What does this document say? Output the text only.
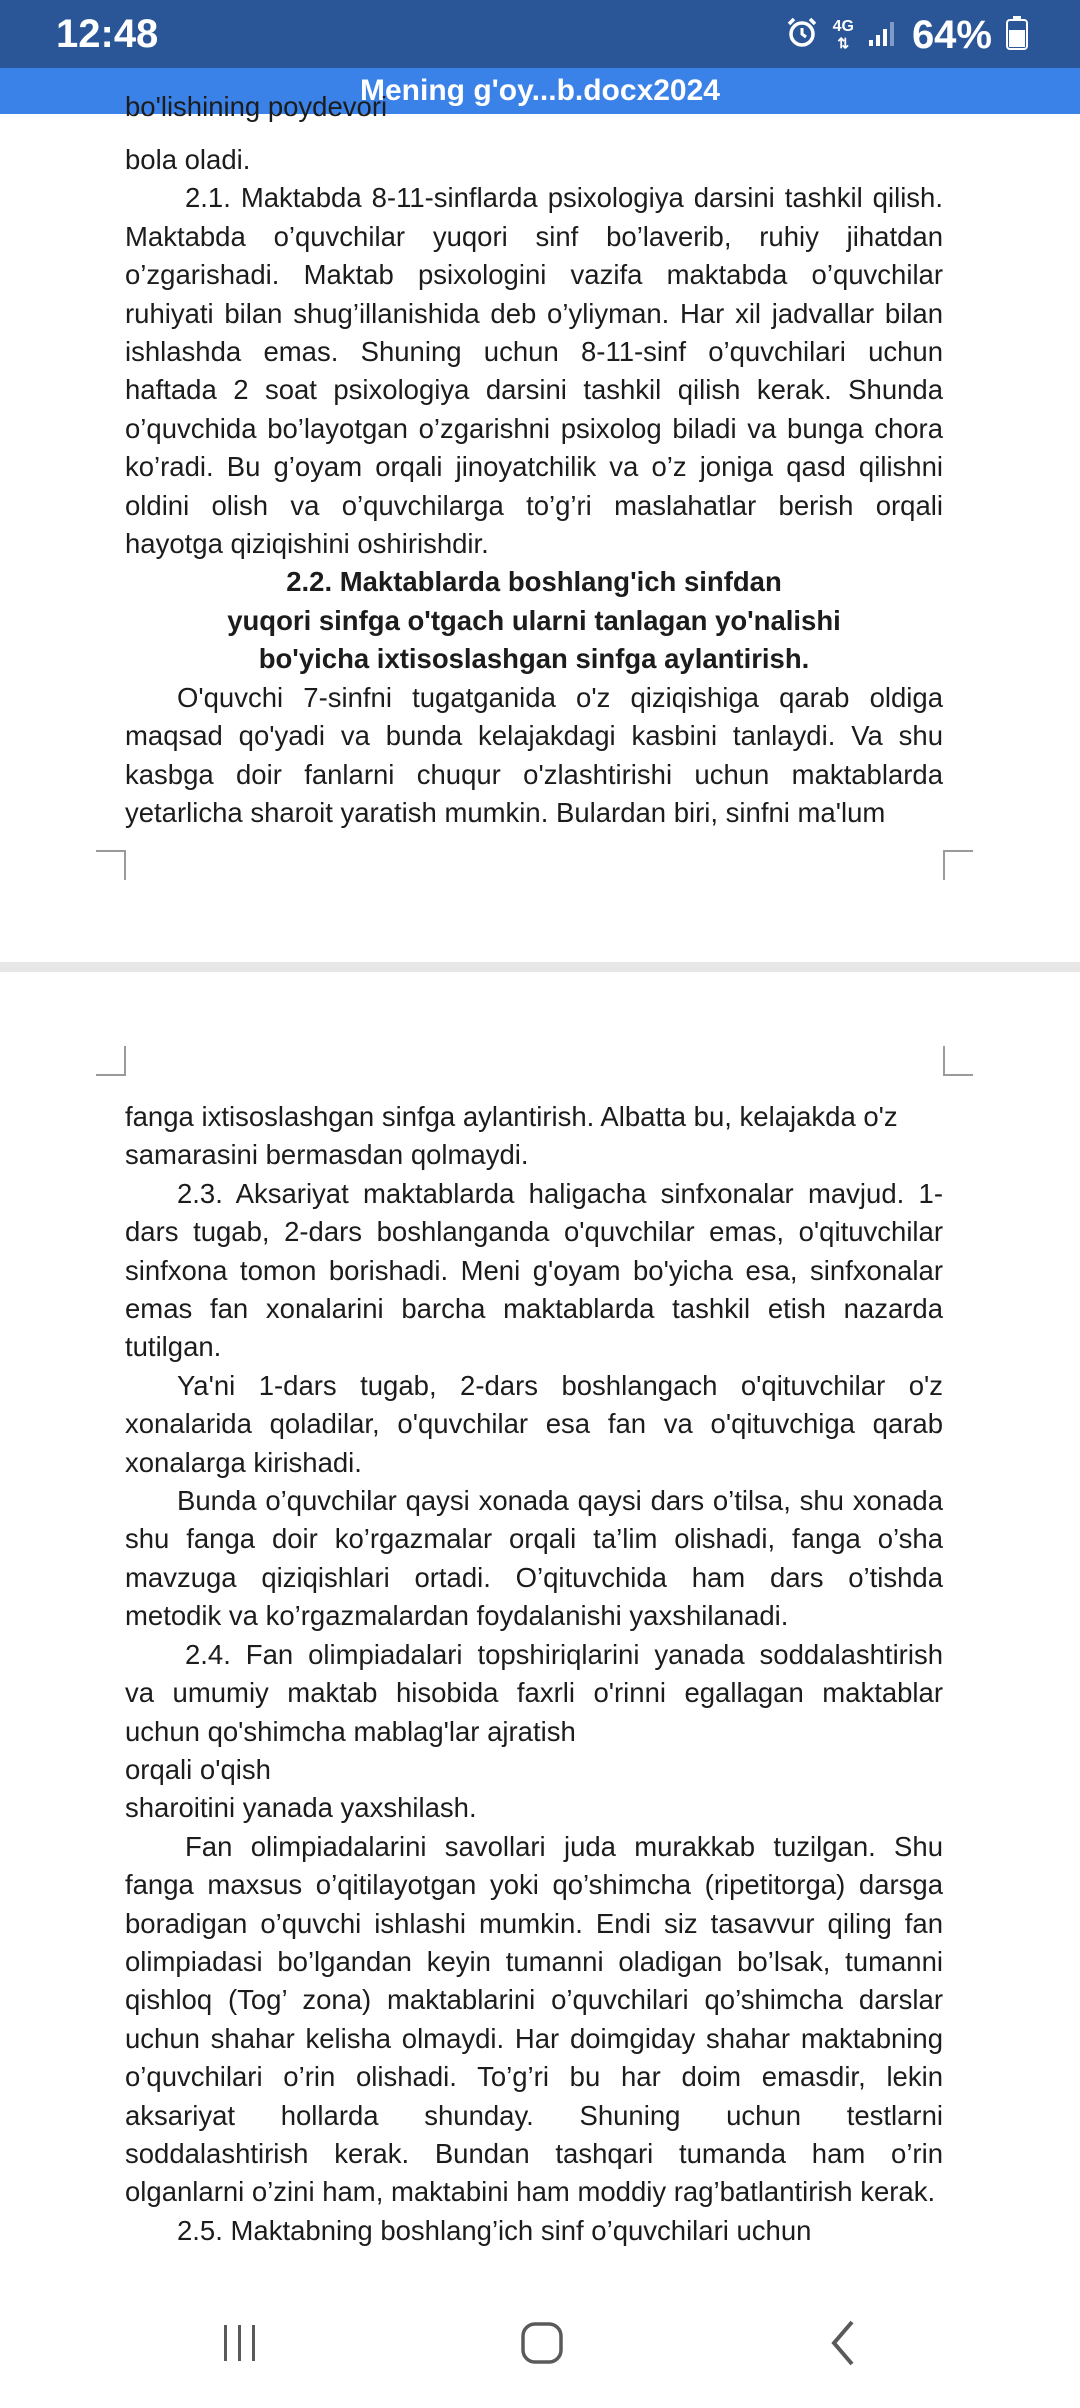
12:48	4G
⇅ 64%
Mening g'oy...b.docx2024
bo'lishining poydevori

bola oladi.

2.1. Maktabda 8-11-sinflarda psixologiya darsini tashkil qilish. Maktabda o’quvchilar yuqori sinf bo’laverib, ruhiy jihatdan o’zgarishadi. Maktab psixologini vazifa maktabda o’quvchilar ruhiyati bilan shug’illanishida deb o’yliyman. Har xil jadvallar bilan ishlashda emas. Shuning uchun 8-11-sinf o’quvchilari uchun haftada 2 soat psixologiya darsini tashkil qilish kerak. Shunda o’quvchida bo’layotgan o’zgarishni psixolog biladi va bunga chora ko’radi. Bu g’oyam orqali jinoyatchilik va o’z joniga qasd qilishni oldini olish va o’quvchilarga to’g’ri maslahatlar berish orqali hayotga qiziqishini oshirishdir.

2.2. Maktablarda boshlang'ich sinfdan

yuqori sinfga o'tgach ularni tanlagan yo'nalishi

bo'yicha ixtisoslashgan sinfga aylantirish.

O'quvchi 7-sinfni tugatganida o'z qiziqishiga qarab oldiga maqsad qo'yadi va bunda kelajakdagi kasbini tanlaydi. Va shu kasbga doir fanlarni chuqur o'zlashtirishi uchun maktablarda yetarlicha sharoit yaratish mumkin. Bulardan biri, sinfni ma'lum

fanga ixtisoslashgan sinfga aylantirish. Albatta bu, kelajakda o'z samarasini bermasdan qolmaydi.

2.3. Aksariyat maktablarda haligacha sinfxonalar mavjud. 1-dars tugab, 2-dars boshlanganda o'quvchilar emas, o'qituvchilar sinfxona tomon borishadi. Meni g'oyam bo'yicha esa, sinfxonalar emas fan xonalarini barcha maktablarda tashkil etish nazarda tutilgan.

Ya'ni 1-dars tugab, 2-dars boshlangach o'qituvchilar o'z xonalarida qoladilar, o'quvchilar esa fan va o'qituvchiga qarab xonalarga kirishadi.

Bunda o’quvchilar qaysi xonada qaysi dars o’tilsa, shu xonada shu fanga doir ko’rgazmalar orqali ta’lim olishadi, fanga o’sha mavzuga qiziqishlari ortadi. O’qituvchida ham dars o’tishda metodik va ko’rgazmalardan foydalanishi yaxshilanadi.

2.4. Fan olimpiadalari topshiriqlarini yanada soddalashtirish va umumiy maktab hisobida faxrli o'rinni egallagan maktablar uchun qo'shimcha mablag'lar ajratish

orqali o'qish

sharoitini yanada yaxshilash.

Fan olimpiadalarini savollari juda murakkab tuzilgan. Shu fanga maxsus o’qitilayotgan yoki qo’shimcha (ripetitorga) darsga boradigan o’quvchi ishlashi mumkin. Endi siz tasavvur qiling fan olimpiadasi bo’lgandan keyin tumanni oladigan bo’lsak, tumanni qishloq (Tog’ zona) maktablarini o’quvchilari qo’shimcha darslar uchun shahar kelisha olmaydi. Har doimgiday shahar maktabning o’quvchilari o’rin olishadi. To’g’ri bu har doim emasdir, lekin aksariyat hollarda shunday. Shuning uchun testlarni soddalashtirish kerak. Bundan tashqari tumanda ham o’rin olganlarni o’zini ham, maktabini ham moddiy rag’batlantirish kerak.

2.5. Maktabning boshlang’ich sinf o’quvchilari uchun
